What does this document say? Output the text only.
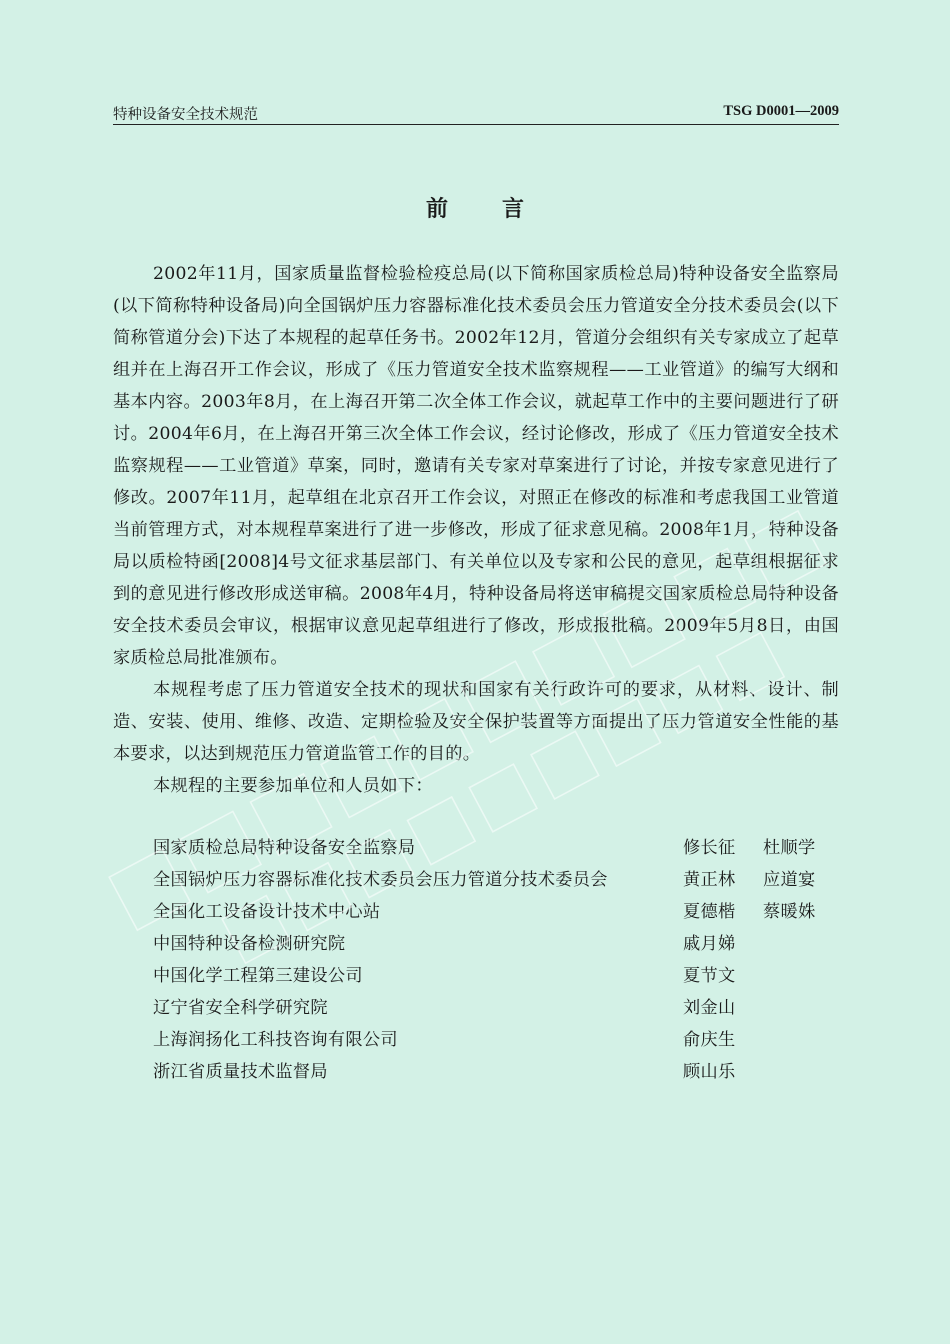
特种设备安全技术规范	TSG D0001—2009
前 言

2002年11月，国家质量监督检验检疫总局(以下简称国家质检总局)特种设备安全监察局(以下简称特种设备局)向全国锅炉压力容器标准化技术委员会压力管道安全分技术委员会(以下简称管道分会)下达了本规程的起草任务书。2002年12月，管道分会组织有关专家成立了起草组并在上海召开工作会议，形成了《压力管道安全技术监察规程——工业管道》的编写大纲和基本内容。2003年8月，在上海召开第二次全体工作会议，就起草工作中的主要问题进行了研讨。2004年6月，在上海召开第三次全体工作会议，经讨论修改，形成了《压力管道安全技术监察规程——工业管道》草案，同时，邀请有关专家对草案进行了讨论，并按专家意见进行了修改。2007年11月，起草组在北京召开工作会议，对照正在修改的标准和考虑我国工业管道当前管理方式，对本规程草案进行了进一步修改，形成了征求意见稿。2008年1月，特种设备局以质检特函[2008]4号文征求基层部门、有关单位以及专家和公民的意见，起草组根据征求到的意见进行修改形成送审稿。2008年4月，特种设备局将送审稿提交国家质检总局特种设备安全技术委员会审议，根据审议意见起草组进行了修改，形成报批稿。2009年5月8日，由国家质检总局批准颁布。

本规程考虑了压力管道安全技术的现状和国家有关行政许可的要求，从材料、设计、制造、安装、使用、维修、改造、定期检验及安全保护装置等方面提出了压力管道安全性能的基本要求，以达到规范压力管道监管工作的目的。

本规程的主要参加单位和人员如下：

国家质检总局特种设备安全监察局	修长征 杜顺学
全国锅炉压力容器标准化技术委员会压力管道分技术委员会	黄正林 应道宴
全国化工设备设计技术中心站	夏德楷 蔡暖姝
中国特种设备检测研究院	戚月娣
中国化学工程第三建设公司	夏节文
辽宁省安全科学研究院	刘金山
上海润扬化工科技咨询有限公司	俞庆生
浙江省质量技术监督局	顾山乐
